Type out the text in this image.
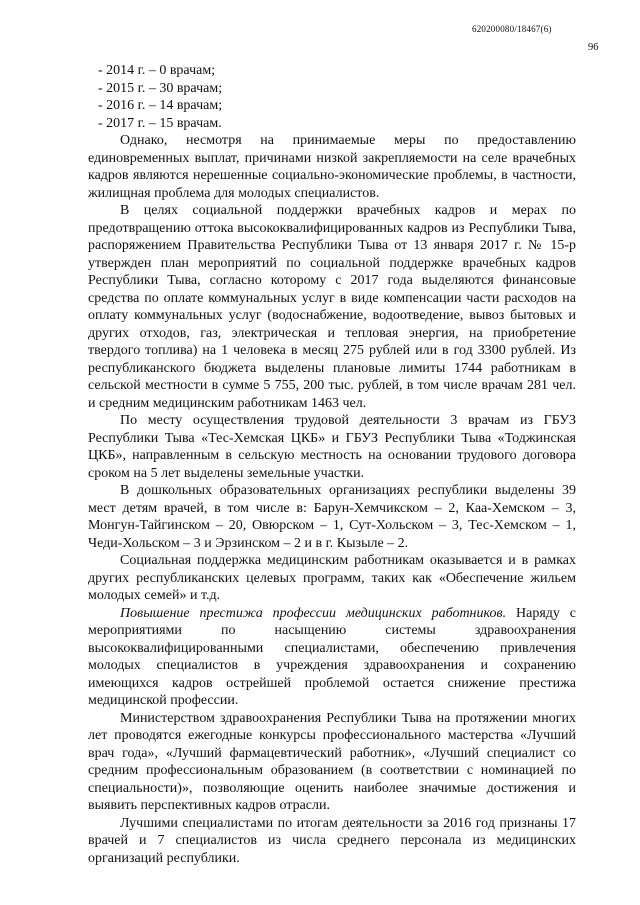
620200080/18467(6)
96

- 2014 г. – 0 врачам;

- 2015 г. – 30 врачам;

- 2016 г. – 14 врачам;

- 2017 г. – 15 врачам.

Однако, несмотря на принимаемые меры по предоставлению единовременных выплат, причинами низкой закрепляемости на селе врачебных кадров являются нерешенные социально-экономические проблемы, в частности, жилищная проблема для молодых специалистов.

В целях социальной поддержки врачебных кадров и мерах по предотвращению оттока высококвалифицированных кадров из Республики Тыва, распоряжением Правительства Республики Тыва от 13 января 2017 г. № 15-р утвержден план мероприятий по социальной поддержке врачебных кадров Республики Тыва, согласно которому с 2017 года выделяются финансовые средства по оплате коммунальных услуг в виде компенсации части расходов на оплату коммунальных услуг (водоснабжение, водоотведение, вывоз бытовых и других отходов, газ, электрическая и тепловая энергия, на приобретение твердого топлива) на 1 человека в месяц 275 рублей или в год 3300 рублей. Из республиканского бюджета выделены плановые лимиты 1744 работникам в сельской местности в сумме 5 755, 200 тыс. рублей, в том числе врачам 281 чел. и средним медицинским работникам 1463 чел.

По месту осуществления трудовой деятельности 3 врачам из ГБУЗ Республики Тыва «Тес-Хемская ЦКБ» и ГБУЗ Республики Тыва «Тоджинская ЦКБ», направленным в сельскую местность на основании трудового договора сроком на 5 лет выделены земельные участки.

В дошкольных образовательных организациях республики выделены 39 мест детям врачей, в том числе в: Барун-Хемчикском – 2, Каа-Хемском – 3, Монгун-Тайгинском – 20, Овюрском – 1, Сут-Хольском – 3, Тес-Хемском – 1, Чеди-Хольском – 3 и Эрзинском – 2 и в г. Кызыле – 2.

Социальная поддержка медицинским работникам оказывается и в рамках других республиканских целевых программ, таких как «Обеспечение жильем молодых семей» и т.д.

Повышение престижа профессии медицинских работников. Наряду с мероприятиями по насыщению системы здравоохранения высококвалифицированными специалистами, обеспечению привлечения молодых специалистов в учреждения здравоохранения и сохранению имеющихся кадров острейшей проблемой остается снижение престижа медицинской профессии.

Министерством здравоохранения Республики Тыва на протяжении многих лет проводятся ежегодные конкурсы профессионального мастерства «Лучший врач года», «Лучший фармацевтический работник», «Лучший специалист со средним профессиональным образованием (в соответствии с номинацией по специальности)», позволяющие оценить наиболее значимые достижения и выявить перспективных кадров отрасли.

Лучшими специалистами по итогам деятельности за 2016 год признаны 17 врачей и 7 специалистов из числа среднего персонала из медицинских организаций республики.
